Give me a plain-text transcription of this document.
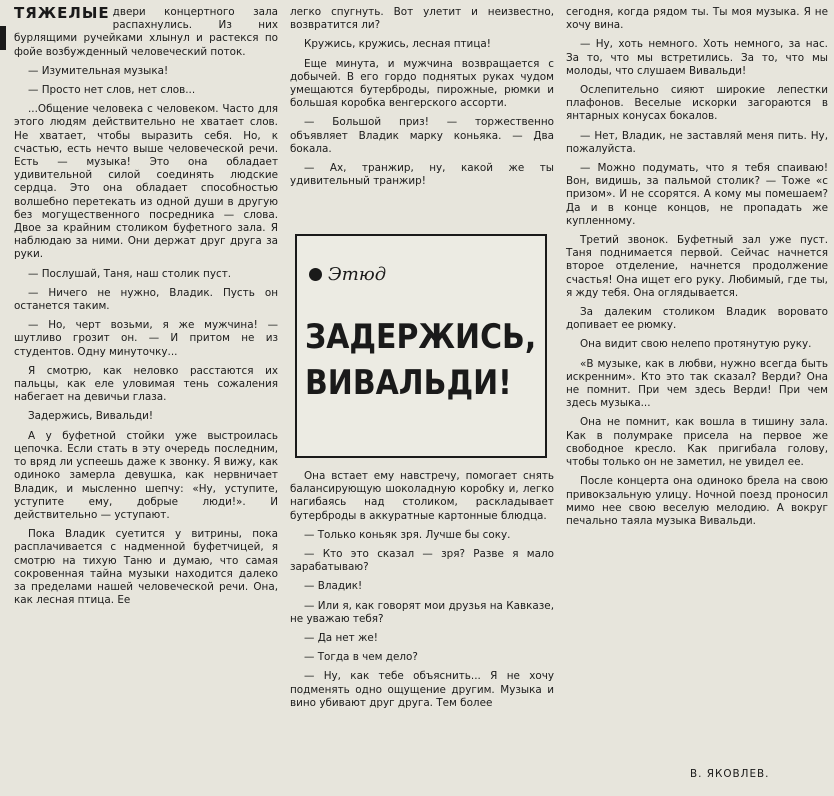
ТЯЖЕЛЫЕ двери концертного зала распахнулись. Из них бурлящими ручейками хлынул и растекся по фойе возбужденный человеческий поток.

— Изумительная музыка!

— Просто нет слов, нет слов...

...Общение человека с человеком. Часто для этого людям действительно не хватает слов. Не хватает, чтобы выразить себя. Но, к счастью, есть нечто выше человеческой речи. Есть — музыка! Это она обладает удивительной силой соединять людские сердца. Это она обладает способностью волшебно перетекать из одной души в другую без могущественного посредника — слова. Двое за крайним столиком буфетного зала. Я наблюдаю за ними. Они держат друг друга за руки.

— Послушай, Таня, наш столик пуст.

— Ничего не нужно, Владик. Пусть он останется таким.

— Но, черт возьми, я же мужчина! — шутливо грозит он. — И притом не из студентов. Одну минуточку...

Я смотрю, как неловко расстаются их пальцы, как еле уловимая тень сожаления набегает на девичьи глаза.

Задержись, Вивальди!

А у буфетной стойки уже выстроилась цепочка. Если стать в эту очередь последним, то вряд ли успеешь даже к звонку. Я вижу, как одиноко замерла девушка, как нервничает Владик, и мысленно шепчу: «Ну, уступите, уступите ему, добрые люди!». И действительно — уступают.

Пока Владик суетится у витрины, пока расплачивается с надменной буфетчицей, я смотрю на тихую Таню и думаю, что самая сокровенная тайна музыки находится далеко за пределами нашей человеческой речи. Она, как лесная птица. Ее

легко спугнуть. Вот улетит и неизвестно, возвратится ли?

Кружись, кружись, лесная птица!

Еще минута, и мужчина возвращается с добычей. В его гордо поднятых руках чудом умещаются бутерброды, пирожные, рюмки и большая коробка венгерского ассорти.

— Большой приз! — торжественно объявляет Владик марку коньяка. — Два бокала.

— Ах, транжир, ну, какой же ты удивительный транжир!

Этюд
ЗАДЕРЖИСЬ,
ВИВАЛЬДИ!

Она встает ему навстречу, помогает снять балансирующую шоколадную коробку и, легко нагибаясь над столиком, раскладывает бутерброды в аккуратные картонные блюдца.

— Только коньяк зря. Лучше бы соку.

— Кто это сказал — зря? Разве я мало зарабатываю?

— Владик!

— Или я, как говорят мои друзья на Кавказе, не уважаю тебя?

— Да нет же!

— Тогда в чем дело?

— Ну, как тебе объяснить... Я не хочу подменять одно ощущение другим. Музыка и вино убивают друг друга. Тем более

сегодня, когда рядом ты. Ты моя музыка. Я не хочу вина.

— Ну, хоть немного. Хоть немного, за нас. За то, что мы встретились. За то, что мы молоды, что слушаем Вивальди!

Ослепительно сияют широкие лепестки плафонов. Веселые искорки загораются в янтарных конусах бокалов.

— Нет, Владик, не заставляй меня пить. Ну, пожалуйста.

— Можно подумать, что я тебя спаиваю! Вон, видишь, за пальмой столик? — Тоже «с призом». И не ссорятся. А кому мы помешаем? Да и в конце концов, не пропадать же купленному.

Третий звонок. Буфетный зал уже пуст. Таня поднимается первой. Сейчас начнется второе отделение, начнется продолжение счастья! Она ищет его руку. Любимый, где ты, я жду тебя. Она оглядывается.

За далеким столиком Владик воровато допивает ее рюмку.

Она видит свою нелепо протянутую руку.

«В музыке, как в любви, нужно всегда быть искренним». Кто это так сказал? Верди? Она не помнит. При чем здесь Верди! При чем здесь музыка...

Она не помнит, как вошла в тишину зала. Как в полумраке присела на первое же свободное кресло. Как пригибала голову, чтобы только он не заметил, не увидел ее.

После концерта она одиноко брела на свою привокзальную улицу. Ночной поезд проносил мимо нее свою веселую мелодию. А вокруг печально таяла музыка Вивальди.

В. ЯКОВЛЕВ.
